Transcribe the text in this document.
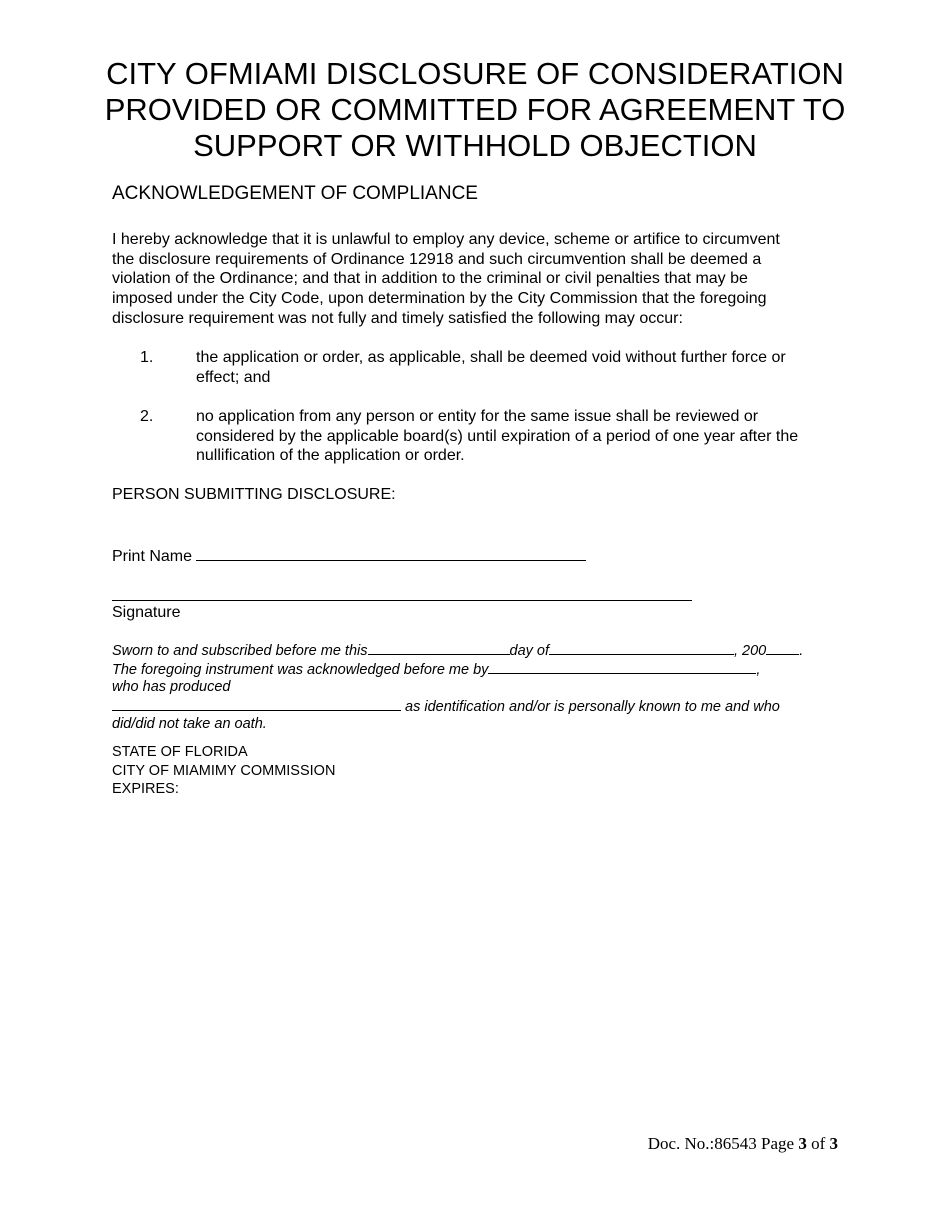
CITY OFMIAMI DISCLOSURE OF CONSIDERATION
PROVIDED OR COMMITTED FOR AGREEMENT TO
SUPPORT OR WITHHOLD OBJECTION
ACKNOWLEDGEMENT OF COMPLIANCE

I hereby acknowledge that it is unlawful to employ any device, scheme or artifice to circumvent
the disclosure requirements of Ordinance 12918 and such circumvention shall be deemed a
violation of the Ordinance; and that in addition to the criminal or civil penalties that may be
imposed under the City Code, upon determination by the City Commission that the foregoing
disclosure requirement was not fully and timely satisfied the following may occur:

1.	the application or order, as applicable, shall be deemed void without further force or
effect; and
2.	no application from any person or entity for the same issue shall be reviewed or
considered by the applicable board(s) until expiration of a period of one year after the
nullification of the application or order.
PERSON SUBMITTING DISCLOSURE:
Print Name
Signature
Sworn to and subscribed before me this	day of	, 200 .
The foregoing instrument was acknowledged before me by	,
who has produced
as identification and/or is personally known to me and who
did/did not take an oath.
STATE OF FLORIDA
CITY OF MIAMIMY COMMISSION
EXPIRES:
Doc. No.:86543 Page 3 of 3
